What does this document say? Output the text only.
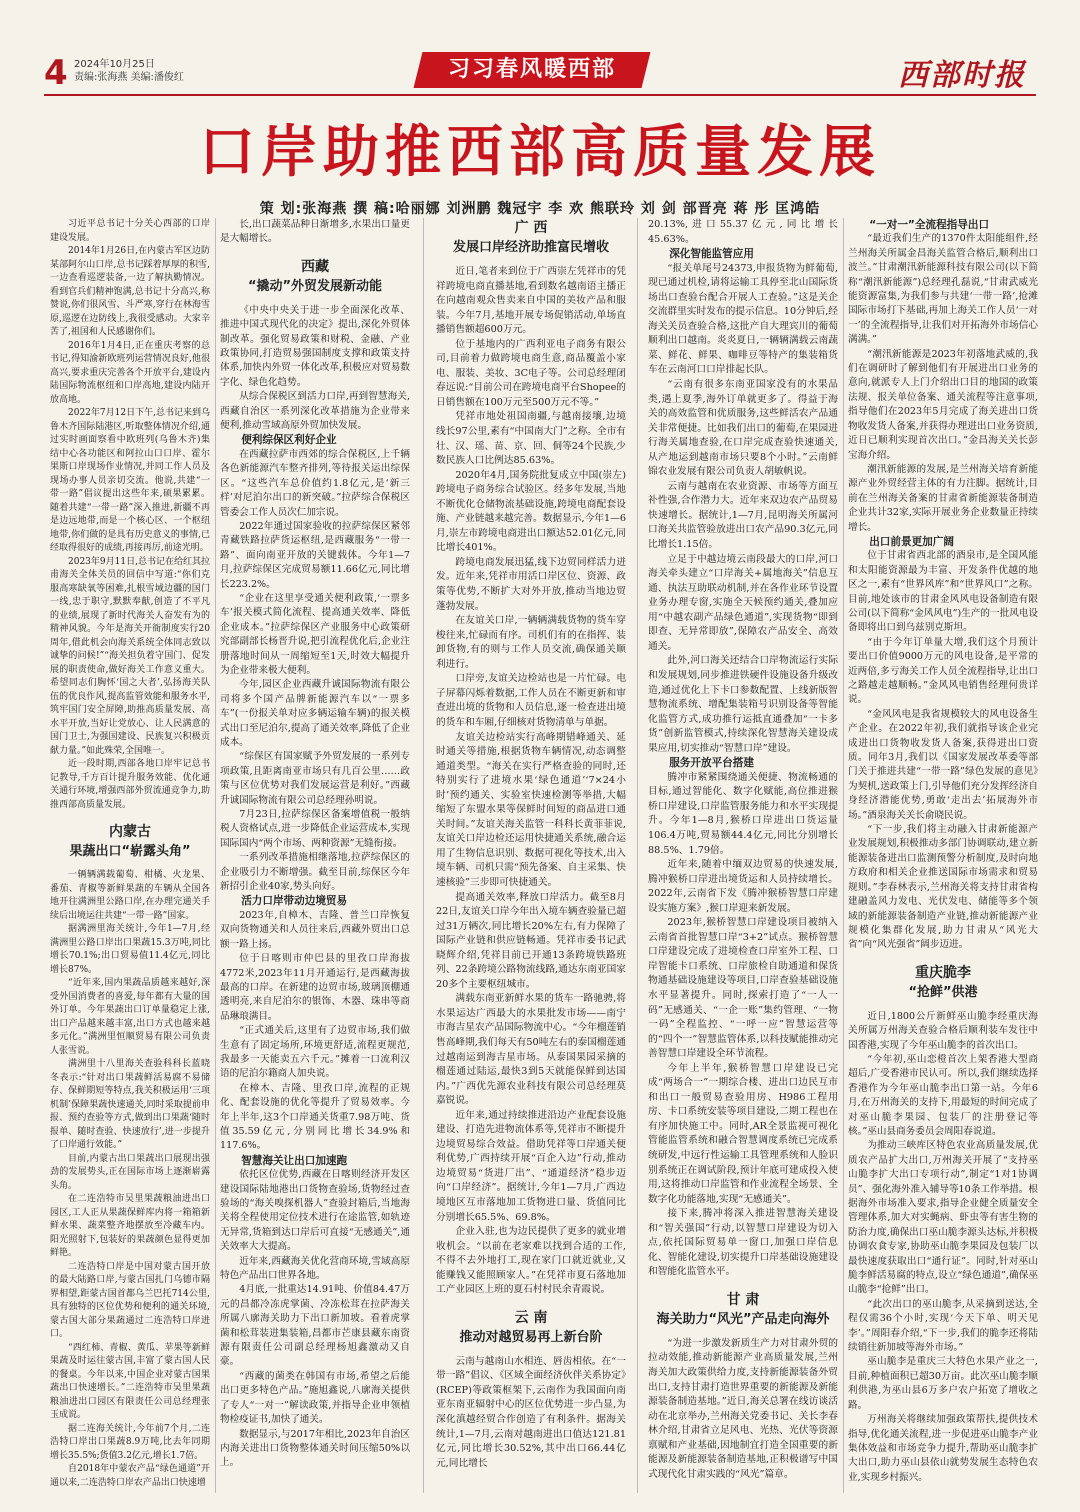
4 2024年10月25日
责编:张海燕 美编:潘俊红	习习春风暖西部	西部时报
口岸助推西部高质量发展
策 划:张海燕 撰 稿:哈丽娜 刘洲鹏 魏冠宇 李 欢 熊联玲 刘 剑 部晋亮 蒋 彤 匡鸿皓

习近平总书记十分关心西部的口岸建设发展。

2014年1月26日,在内蒙古军区边防某部阿尔山口岸,总书记踩着厚厚的积雪,一边查看巡逻装备,一边了解执勤情况。看到官兵们精神饱满,总书记十分高兴,称赞说,你们很风雪、斗严寒,穿行在林海雪原,巡逻在边防线上,我很受感动。大家辛苦了,祖国和人民感谢你们。

2016年1月4日,正在重庆考察的总书记,得知渝新欧班列运营情况良好,他很高兴,要求重庆完善各个开放平台,建设内陆国际物流枢纽和口岸高地,建设内陆开放高地。

2022年7月12日下午,总书记来到乌鲁木齐国际陆港区,听取整体情况介绍,通过实时画面察看中欧班列(乌鲁木齐)集结中心各功能区和阿拉山口口岸、霍尔果斯口岸现场作业情况,并同工作人员及现场办事人员亲切交流。他说,共建“一带一路”倡议提出这些年来,硕果累累。随着共建“一带一路”深入推进,新疆不再是边远地带,而是一个核心区、一个枢纽地带,你们做的是具有历史意义的事情,已经取得很好的成绩,再接再厉,前途光明。

2023年9月11日,总书记在给红其拉甫海关全体关员的回信中写道:“你们克服高寒缺氧等困难,扎根雪域边疆的国门一线,忠于职守,默默奉献,创造了不平凡的业绩,展现了新时代海关人奋发有为的精神风貌。今年是海关开衙制度实行20周年,借此机会向海关系统全体同志致以诚挚的问候!”“海关担负着守国门、促发展的职责使命,做好海关工作意义重大。希望同志们胸怀‘国之大者’,弘扬海关队伍的优良作风,提高监管效能和服务水平,筑牢国门安全屏障,助推高质量发展、高水平开放,当好让党放心、让人民满意的国门卫士,为强国建设、民族复兴积极贡献力量。”如此殊荣,全国唯一。

近一段时期,西部各地口岸牢记总书记教导,千方百计提升服务效能、优化通关通行环境,增强西部外贸流通竞争力,助推西部高质量发展。

内蒙古
果蔬出口“崭露头角”

一辆辆满载葡萄、柑橘、火龙果、番茄、青椒等新鲜果蔬的车辆从全国各地开往满洲里公路口岸,在办理完通关手续后出境运往共建“一带一路”国家。

据满洲里海关统计,今年1—7月,经满洲里公路口岸出口果蔬15.3万吨,同比增长70.1%;出口贸易值11.4亿元,同比增长87%。

“近年来,国内果蔬品质越来越好,深受外国消费者的喜爱,每年都有大量的国外订单。今年果蔬出口订单量稳定上涨,出口产品越来越丰富,出口方式也越来越多元化。”满洲里恒顺贸易有限公司负责人张雪说。

满洲里十八里海关查验科科长蓝晓冬表示:“针对出口果蔬鲜活易腐不易储存、保鲜期短等特点,我关积极运用‘三项机制’保障果蔬快速通关,同时采取提前申报、预约查验等方式,做到出口果蔬‘随时报单、随时查验、快速放行’,进一步提升了口岸通行效能。”

目前,内蒙古出口果蔬出口展现出强劲的发展势头,正在国际市场上逐渐崭露头角。

在二连浩特市吴里果蔬粮油进出口园区,工人正从果蔬保鲜库内将一箱箱新鲜水果、蔬菜整齐地摆放至冷藏车内。阳光照射下,包装好的果蔬颜色显得更加鲜艳。

二连浩特口岸是中国对蒙古国开放的最大陆路口岸,与蒙古国扎门乌德市隔界相望,距蒙古国首都乌兰巴托714公里,具有独特的区位优势和便利的通关环境,蒙古国大部分果蔬通过二连浩特口岸进口。

“西红柿、青椒、黄瓜、苹果等新鲜果蔬及时运往蒙古国,丰富了蒙古国人民的餐桌。今年以来,中国企业对蒙古国果蔬出口快速增长。”二连浩特市吴里果蔬粮油进出口园区有限责任公司总经理张玉成说。

据二连海关统计,今年前7个月,二连浩特口岸出口果蔬8.9万吨,比去年同期增长35.5%;货值3.2亿元,增长1.7倍。

自2018年中蒙农产品“绿色通道”开通以来,二连浩特口岸农产品出口快速增

长,出口蔬菜品种日渐增多,水果出口量更是大幅增长。

西藏
“撬动”外贸发展新动能

《中央中央关于进一步全面深化改革、推进中国式现代化的决定》提出,深化外贸体制改革。强化贸易政策和财税、金融、产业政策协同,打造贸易强国制度支撑和政策支持体系,加快内外贸一体化改革,积极应对贸易数字化、绿色化趋势。

从综合保税区到活力口岸,再到智慧海关,西藏自治区一系列深化改革措施为企业带来便利,推动雪域高原外贸加快发展。

便利综保区利好企业

在西藏拉萨市西郊的综合保税区,上千辆各色新能源汽车整齐排列,等待报关运出综保区。“这些汽车总价值约1.8亿元,是‘新三样’对尼泊尔出口的新突破。”拉萨综合保税区管委会工作人员次仁加宗说。

2022年通过国家验收的拉萨综保区紧邻青藏铁路拉萨货运枢纽,是西藏服务“一带一路”、面向南亚开放的关键载体。今年1—7月,拉萨综保区完成贸易额11.66亿元,同比增长223.2%。

“企业在这里享受通关便利政策,‘一票多车’报关模式简化流程、提高通关效率、降低企业成本。”拉萨综保区产业服务中心政策研究部副部长杨晋升说,把引流程优化后,企业注册落地时间从一周缩短至1天,时效大幅提升为企业带来极大便利。

今年,园区企业西藏升诚国际物流有限公司将多个国产品牌新能源汽车以“一票多车”(一份报关单对应多辆运输车辆)的报关模式出口至尼泊尔,提高了通关效率,降低了企业成本。

“综保区有国家赋予外贸发展的一系列专项政策,且距离南亚市场只有几百公里……政策与区位优势对我们发展运营是利好。”西藏升诚国际物流有限公司总经理孙明说。

7月23日,拉萨综保区备案增值税一般纳税人资格试点,进一步降低企业运营成本,实现国际国内“两个市场、两种资源”无缝衔接。

一系列改革措施相继落地,拉萨综保区的企业吸引力不断增强。截至目前,综保区今年新招引企业40家,势头向好。

活力口岸带动边境贸易

2023年,自樟木、吉隆、普兰口岸恢复双向货物通关和人员往来后,西藏外贸出口总额一路上扬。

位于日喀则市仲巴县的里孜口岸海拔4772米,2023年11月开通运行,是西藏海拔最高的口岸。在新建的边贸市场,玻璃顶棚通透明亮,来自尼泊尔的银饰、木器、珠串等商品琳琅满目。

“正式通关后,这里有了边贸市场,我们做生意有了固定场所,环境更舒适,流程更规范,我最多一天能卖五六千元。”摊着一口流利汉语的尼泊尔籍商人加央说。

在樟木、吉隆、里孜口岸,流程的正规化、配套设施的优化等提升了贸易效率。今年上半年,这3个口岸通关货重7.98万吨、货值35.59亿元,分别同比增长34.9%和117.6%。

智慧海关让出口加速跑

依托区位优势,西藏在日喀则经济开发区建设国际陆地港出口货物查验场,货物经过查验场的“海关嗅探机器人”查验封箱后,当地海关将全程使用定位技术进行在途监管,如轨迹无异常,货箱到达口岸后可直接“无感通关”,通关效率大大提高。

近年来,西藏海关优化营商环境,雪域高原特色产品出口世界各地。

4月底,一批重达14.91吨、价值84.47万元的昌都冷冻虎掌菌、冷冻松茸在拉萨海关所属八廓海关助力下出口新加坡。看着虎掌菌和松茸装进集装箱,昌都市芒康县藏东南资源有限责任公司副总经理杨旭鑫激动又自豪。

“西藏的菌类在韩国有市场,希望之后能出口更多特色产品。”施旭鑫说,八廓海关提供了专人“一对一”解读政策,并指导企业申领植物检疫证书,加快了通关。

数据显示,与2017年相比,2023年自治区内海关进出口货物整体通关时间压缩50%以上。

广 西
发展口岸经济助推富民增收

近日,笔者来到位于广西崇左凭祥市的凭祥跨境电商直播基地,看到数名越南语主播正在向越南观众售卖来自中国的美妆产品和服装。今年7月,基地开展专场促销活动,单场直播销售额超600万元。

位于基地内的广西利亚电子商务有限公司,目前着力做跨境电商生意,商品覆盖小家电、服装、美妆、3C电子等。公司总经理闭春远说:“目前公司在跨境电商平台Shopee的日销售额在100万元至500万元不等。”

凭祥市地处祖国南疆,与越南接壤,边境线长97公里,素有“中国南大门”之称。全市有壮、汉、瑶、苗、京、回、侗等24个民族,少数民族人口比例达85.63%。

2020年4月,国务院批复成立中国(崇左)跨境电子商务综合试验区。经多年发展,当地不断优化仓储物流基础设施,跨境电商配套设施、产业链越来越完善。数据显示,今年1—6月,崇左市跨境电商进出口额达52.01亿元,同比增长401%。

跨境电商发展迅猛,线下边贸同样活力迸发。近年来,凭祥市用活口岸区位、资源、政策等优势,不断扩大对外开放,推动当地边贸蓬勃发展。

在友谊关口岸,一辆辆满载货物的货车穿梭往来,忙碌而有序。司机们有的在指挥、装卸货物,有的则与工作人员交流,确保通关顺利进行。

口岸旁,友谊关边检站也是一片忙碌。电子屏幕闪烁着数据,工作人员在不断更新和审查进出境的货物和人员信息,逐一检查进出境的货车和车厢,仔细核对货物清单与单据。

友谊关边检站实行高峰期错峰通关、延时通关等措施,根据货物车辆情况,动态调整通道类型。“海关在实行严格查验的同时,还特别实行了进境水果‘绿色通道’‘7×24小时’预约通关、实验室快速检测等举措,大幅缩短了东盟水果等保鲜时间短的商品进口通关时间。”友谊关海关监管一科科长黄菲菲说,友谊关口岸边检还运用快捷通关系统,融合运用了生物信息识别、数据可视化等技术,出入境车辆、司机只需“预先备案、自主采集、快速核验”三步即可快捷通关。

提高通关效率,释放口岸活力。截至8月22日,友谊关口岸今年出入境车辆查验量已超过31万辆次,同比增长20%左右,有力保障了国际产业链和供应链畅通。凭祥市委书记武晓辉介绍,凭祥目前已开通13条跨境铁路班列、22条跨境公路物流线路,通达东南亚国家20多个主要枢纽城市。

满载东南亚新鲜水果的货车一路驰骋,将水果运达广西最大的水果批发市场——南宁市海吉星农产品国际物流中心。“今年榴莲销售高峰期,我们每天有50吨左右的泰国榴莲通过越南运到海吉星市场。从泰国果园采摘的榴莲通过陆运,最快3到5天就能保鲜到达国内。”广西优先源农业科技有限公司总经理莫嘉锐说。

近年来,通过持续推进沿边产业配套设施建设、打造先进物流体系等,凭祥市不断提升边境贸易综合效益。借助凭祥等口岸通关便利优势,广西持续开展“百企入边”行动,推动边境贸易“货进厂出”、“通道经济”稳步迈向“口岸经济”。据统计,今年1—7月,广西边境地区互市落地加工货物进口量、货值同比分别增长65.5%、69.8%。

企业入驻,也为边民提供了更多的就业增收机会。“以前在老家难以找到合适的工作,不得不去外地打工,现在家门口就近就业,又能赚钱又能照顾家人。”在凭祥市夏石落地加工产业园区上班的夏石村村民余青霞说。

云 南
推动对越贸易再上新台阶

云南与越南山水相连、唇齿相依。在“一带一路”倡议、《区域全面经济伙伴关系协定》(RCEP)等政策框架下,云南作为我国面向南亚东南亚辐射中心的区位优势进一步凸显,为深化滇越经贸合作创造了有利条件。据海关统计,1—7月,云南对越南进出口值达121.81亿元,同比增长30.52%,其中出口66.44亿元,同比增长

20.13%,进口55.37亿元,同比增长45.63%。

深化智能监管应用

“报关单尾号24373,申报货物为鲜葡萄,现已通过机检,请将运输工具停至北山国际货场出口查验台配合开展人工查验。”这是关企交流群里实时发布的提示信息。10分钟后,经海关关员查验合格,这批产自大理宾川的葡萄顺利出口越南。炎炎夏日,一辆辆满载云南蔬菜、鲜花、鲜果、咖啡豆等特产的集装箱货车在云南河口口岸排起长队。

“云南有很多东南亚国家没有的水果品类,遇上夏季,海外订单就更多了。得益于海关的高效监管和优质服务,这些鲜活农产品通关非常便捷。比如我们出口的葡萄,在果园进行海关属地查验,在口岸完成查验快速通关,从产地运到越南市场只要8个小时。”云南鲜锦农业发展有限公司负责人胡敏帆说。

云南与越南在农业资源、市场等方面互补性强,合作潜力大。近年来双边农产品贸易快速增长。据统计,1—7月,昆明海关所属河口海关共监管验放进出口农产品90.3亿元,同比增长1.15倍。

立足于中越边境云南段最大的口岸,河口海关牵头建立“口岸海关+属地海关”信息互通、执法互助联动机制,并在各作业环节设置业务办理专窗,实施全天候预约通关,叠加应用“中越农副产品绿色通道”,实现货物“即到即查、无异常即放”,保障农产品安全、高效通关。

此外,河口海关还结合口岸物流运行实际和发展规划,同步推进铁硬件设施设备升级改造,通过优化上下卡口参数配置、上线新版智慧物流系统、增配集装箱号识别设备等智能化监管方式,成功推行运抵直通叠加“一卡多货”创新监管模式,持续深化智慧海关建设成果应用,切实推动“智慧口岸”建设。

服务开放平台搭建

腾冲市紧紧围绕通关便捷、物流畅通的目标,通过智能化、数字化赋能,高位推进猴桥口岸建设,口岸监管服务能力和水平实现提升。今年1—8月,猴桥口岸进出口货运量106.4万吨,贸易额44.4亿元,同比分别增长88.5%、1.79倍。

近年来,随着中缅双边贸易的快速发展,腾冲猴桥口岸进出境货运和人员持续增长。2022年,云南省下发《腾冲猴桥智慧口岸建设实施方案》,猴口岸迎来新发展。

2023年,猴桥智慧口岸建设项目被纳入云南省首批智慧口岸“3+2”试点。猴桥智慧口岸建设完成了进境检查口岸室外工程、口岸智能卡口系统、口岸旅检自助通道和保货物通基础设施建设等项目,口岸查验基础设施水平显著提升。同时,探索打造了“一人一码”无感通关、“一企一账”集约管理、“一物一码”全程监控、“一呼一应”智慧运营等的“四个一”智慧监管体系,以科技赋能推动完善智慧口岸建设全环节流程。

今年上半年,猴桥智慧口岸建设已完成“两场合一”一期综合楼、进出口边民互市和出口一般贸易查验用房、H986工程用房、卡口系统安装等项目建设,二期工程也在有序加快施工中。同时,AR全景监视可视化管能监管系统和融合智慧调度系统已完成系统研发,中远行性运输工具管理系统和人脸识别系统正在调试阶段,预计年底可建成投入使用,这将推动口岸监管和作业流程全场景、全数字化功能落地,实现“无感通关”。

接下来,腾冲将深入推进智慧海关建设和“智关强国”行动,以智慧口岸建设为切入点,依托国际贸易单一窗口,加强口岸信息化、智能化建设,切实提升口岸基础设施建设和智能化监管水平。

甘 肃
海关助力“风光”产品走向海外

“为进一步激发新质生产力对甘肃外贸的拉动效能,推动新能源产业高质量发展,兰州海关加大政策供给力度,支持新能源装备外贸出口,支持甘肃打造世界重要的新能源及新能源装备制造基地。”近日,海关总署在线访谈活动在北京举办,兰州海关党委书记、关长李春林介绍,甘肃省立足风电、光热、光伏等资源禀赋和产业基础,因地制宜打造全国重要的新能源及新能源装备制造基地,正积极谱写中国式现代化甘肃实践的“风光”篇章。

“一对一”全流程指导出口

“最近我们生产的1370件太阳能组件,经兰州海关所属金昌海关监管合格后,顺利出口波兰。”甘肃潮汛新能源科技有限公司(以下简称“潮汛新能源”)总经理孔磊说,“甘肃武威光能资源富集,为我们参与共建‘一带一路’,抢滩国际市场打下基础,再加上海关工作人员‘一对一’的全流程指导,让我们对开拓海外市场信心满满。”

“潮汛新能源是2023年初落地武威的,我们在调研时了解到他们有开展进出口业务的意向,就派专人上门介绍出口目的地国的政策法规、报关单位备案、通关流程等注意事项,指导他们在2023年5月完成了海关进出口货物收发货人备案,并获得办理进出口业务资质,近日已顺利实现首次出口。”金昌海关关长彭宝海介绍。

潮汛新能源的发展,是兰州海关培育新能源产业外贸经营主体的有力注脚。据统计,目前在兰州海关备案的甘肃省新能源装备制造企业共计32家,实际开展业务企业数量正持续增长。

出口前景更加广阔

位于甘肃省西北部的酒泉市,是全国风能和太阳能资源最为丰富、开发条件优越的地区之一,素有“世界风库”和“世界风口”之称。目前,地处该市的甘肃金风风电设备制造有限公司(以下简称“金风风电”)生产的一批风电设备即将出口到乌兹别克斯坦。

“由于今年订单量大增,我们这个月预计要出口价值9000万元的风电设备,是平常的近两倍,多亏海关工作人员全流程指导,让出口之路越走越顺畅。”金风风电销售经理何贵详说。

“金风风电是我省规模较大的风电设备生产企业。在2022年初,我们就指导该企业完成进出口货物收发货人备案,获得进出口资质。同年3月,我们以《国家发展改革委等部门关于推进共建“一带一路”绿色发展的意见》为契机,送政策上门,引导他们充分发挥经济自身经济潜能优势,勇敢‘走出去’拓展海外市场。”酒泉海关关长俞晓民说。

“下一步,我们将主动融入甘肃新能源产业发展规划,积极推动多部门协调联动,建立新能源装备进出口监测预警分析制度,及时向地方政府和相关企业推送国际市场需求和贸易规则。”李春林表示,兰州海关将支持甘肃省构建融盖风力发电、光伏发电、储能等多个领域的新能源装备制造产业链,推动新能源产业规模化集群化发展,助力甘肃从“风光大省”向“风光强省”阔步迈进。

重庆脆李
“抢鲜”供港

近日,1800公斤新鲜巫山脆李经重庆海关所属万州海关查验合格后顺利装车发往中国香港,实现了今年巫山脆李的首次出口。

“今年初,巫山恋橙首次上架香港大型商超后,广受香港市民认可。所以,我们继续选择香港作为今年巫山脆李出口第一站。今年6月,在万州海关的支持下,用最短的时间完成了对巫山脆李果园、包装厂的注册登记等核。”巫山县商务委员会周阳春说道。

为推动三峡库区特色农业高质量发展,优质农产品扩大出口,万州海关开展了“支持巫山脆李扩大出口专项行动”,制定“1对1协调员”、强化海外准入辅导等10条工作举措。根据海外市场准入要求,指导企业健全质量安全管理体系,加大对实蝇病、虾虫等有害生物的防治力度,确保出口巫山脆李源头达标,并积极协调农食专家,协助巫山脆李果园及包装厂以最快速度获取出口“通行证”。同时,针对巫山脆李鲜活易腐的特点,设立“绿色通道”,确保巫山脆李“抢鲜”出口。

“此次出口的巫山脆李,从采摘到送达,全程仅需36个小时,实现‘今天下单、明天见李’。”周阳春介绍,“下一步,我们的脆李还将陆续销往新加坡等海外市场。”

巫山脆李是重庆三大特色水果产业之一,目前,种植面积已超30万亩。此次巫山脆李顺利供港,为巫山县6万多户农户拓宽了增收之路。

万州海关将继续加强政策帮扶,提供技术指导,优化通关流程,进一步促进巫山脆李产业集体效益和市场竞争力提升,帮助巫山脆李扩大出口,助力巫山县依山就势发展生态特色农业,实现乡村振兴。
